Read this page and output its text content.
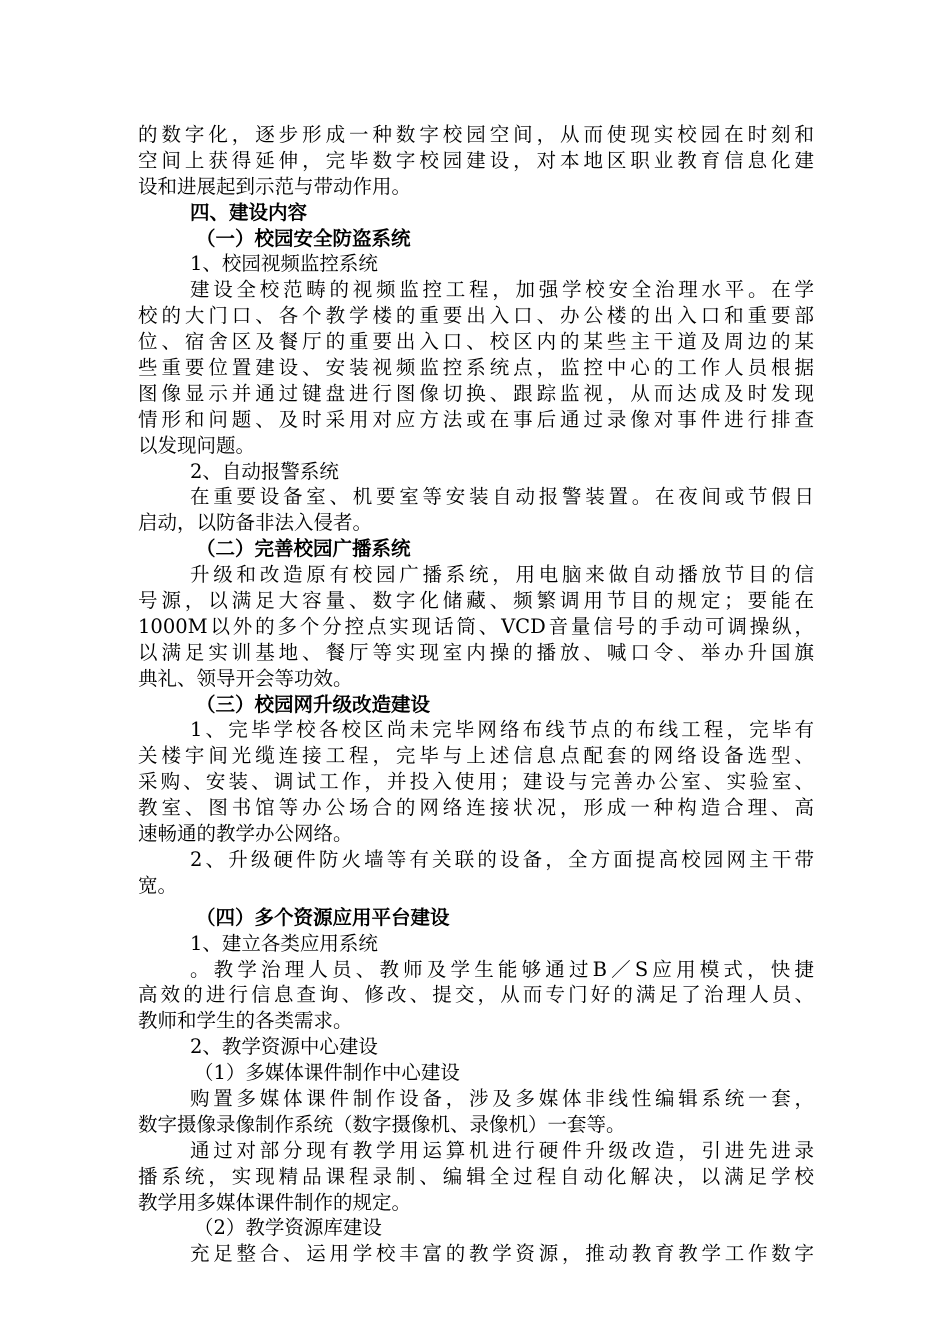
的数字化，逐步形成一种数字校园空间，从而使现实校园在时刻和
空间上获得延伸，完毕数字校园建设，对本地区职业教育信息化建
设和进展起到示范与带动作用。
四、建设内容
（一）校园安全防盗系统
1、校园视频监控系统
建设全校范畴的视频监控工程，加强学校安全治理水平。在学
校的大门口、各个教学楼的重要出入口、办公楼的出入口和重要部
位、宿舍区及餐厅的重要出入口、校区内的某些主干道及周边的某
些重要位置建设、安装视频监控系统点，监控中心的工作人员根据
图像显示并通过键盘进行图像切换、跟踪监视，从而达成及时发现
情形和问题、及时采用对应方法或在事后通过录像对事件进行排查
以发现问题。
2、自动报警系统
在重要设备室、机要室等安装自动报警装置。在夜间或节假日
启动，以防备非法入侵者。
（二）完善校园广播系统
升级和改造原有校园广播系统，用电脑来做自动播放节目的信
号源，以满足大容量、数字化储藏、频繁调用节目的规定；要能在
1000M以外的多个分控点实现话筒、VCD音量信号的手动可调操纵，
以满足实训基地、餐厅等实现室内操的播放、喊口令、举办升国旗
典礼、领导开会等功效。
（三）校园网升级改造建设
1、完毕学校各校区尚未完毕网络布线节点的布线工程，完毕有
关楼宇间光缆连接工程，完毕与上述信息点配套的网络设备选型、
采购、安装、调试工作，并投入使用；建设与完善办公室、实验室、
教室、图书馆等办公场合的网络连接状况，形成一种构造合理、高
速畅通的教学办公网络。
2、升级硬件防火墙等有关联的设备，全方面提高校园网主干带
宽。
（四）多个资源应用平台建设
1、建立各类应用系统
。教学治理人员、教师及学生能够通过B／S应用模式，快捷
高效的进行信息查询、修改、提交，从而专门好的满足了治理人员、
教师和学生的各类需求。
2、教学资源中心建设
（1）多媒体课件制作中心建设
购置多媒体课件制作设备，涉及多媒体非线性编辑系统一套，
数字摄像录像制作系统（数字摄像机、录像机）一套等。
通过对部分现有教学用运算机进行硬件升级改造，引进先进录
播系统，实现精品课程录制、编辑全过程自动化解决，以满足学校
教学用多媒体课件制作的规定。
（2）教学资源库建设
充足整合、运用学校丰富的教学资源，推动教育教学工作数字
